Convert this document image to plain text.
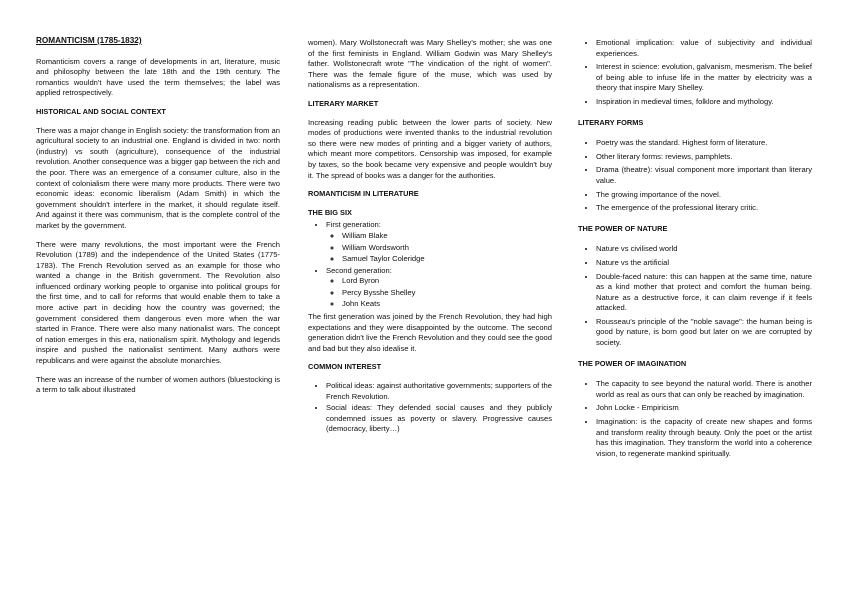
ROMANTICISM (1785-1832)

Romanticism covers a range of developments in art, literature, music and philosophy between the late 18th and the 19th century. The romantics wouldn't have used the term themselves; the label was applied retrospectively.

HISTORICAL AND SOCIAL CONTEXT

There was a major change in English society: the transformation from an agricultural society to an industrial one. England is divided in two: north (industry) vs south (agriculture), consequence of the industrial revolution. Another consequence was a bigger gap between the rich and the poor. There was an emergence of a consumer culture, also in the context of colonialism there were many more products. There were two economic ideas: economic liberalism (Adam Smith) in which the government shouldn't interfere in the market, it should regulate itself. And against it there was communism, that is the complete control of the market by the government.

There were many revolutions, the most important were the French Revolution (1789) and the independence of the United States (1775-1783). The French Revolution served as an example for those who wanted a change in the British government. The Revolution also influenced ordinary working people to organise into political groups for the first time, and to call for reforms that would enable them to take a more active part in deciding how the country was governed; the government considered them dangerous even more when the war started in France. There were also many nationalist wars. The concept of nation emerges in this era, nationalism spirit. Mythology and legends inspire and pushed the nationalist sentiment. Many authors were republicans and were against the absolute monarchies.

There was an increase of the number of women authors (bluestocking is a term to talk about illustrated

women). Mary Wollstonecraft was Mary Shelley's mother; she was one of the first feminists in England. William Godwin was Mary Shelley's father. Wollstonecraft wrote "The vindication of the right of women". There was the female figure of the muse, which was used by nationalisms as a representation.

LITERARY MARKET

Increasing reading public between the lower parts of society. New modes of productions were invented thanks to the industrial revolution so there were new modes of printing and a bigger variety of authors, which meant more competitors. Censorship was imposed, for example by taxes, so the book became very expensive and people wouldn't buy it. The spread of books was a danger for the authorities.

ROMANTICISM IN LITERATURE
THE BIG SIX
• First generation:
◦ William Blake
◦ William Wordsworth
◦ Samuel Taylor Coleridge
• Second generation:
◦ Lord Byron
◦ Percy Bysshe Shelley
◦ John Keats

The first generation was joined by the French Revolution, they had high expectations and they were disappointed by the outcome. The second generation didn't live the French Revolution and they could see the good and bad but they also idealise it.

COMMON INTEREST
• Political ideas: against authoritative governments; supporters of the French Revolution.
• Social ideas: They defended social causes and they publicly condemned issues as poverty or slavery. Progressive causes (democracy, liberty…)
• Emotional implication: value of subjectivity and individual experiences.
• Interest in science: evolution, galvanism, mesmerism. The belief of being able to infuse life in the matter by electricity was a theory that inspire Mary Shelley.
• Inspiration in medieval times, folklore and mythology.
LITERARY FORMS
• Poetry was the standard. Highest form of literature.
• Other literary forms: reviews, pamphlets.
• Drama (theatre): visual component more important than literary value.
• The growing importance of the novel.
• The emergence of the professional literary critic.
THE POWER OF NATURE
• Nature vs civilised world
• Nature vs the artificial
• Double-faced nature: this can happen at the same time, nature as a kind mother that protect and comfort the human being. Nature as a destructive force, it can claim revenge if it feels attacked.
• Rousseau's principle of the "noble savage": the human being is good by nature, is born good but later on we are corrupted by society.
THE POWER OF IMAGINATION
• The capacity to see beyond the natural world. There is another world as real as ours that can only be reached by imagination.
• John Locke - Empiricism
• Imagination: is the capacity of create new shapes and forms and transform reality through beauty. Only the poet or the artist has this imagination. They transform the world into a coherence vision, to regenerate mankind spiritually.
